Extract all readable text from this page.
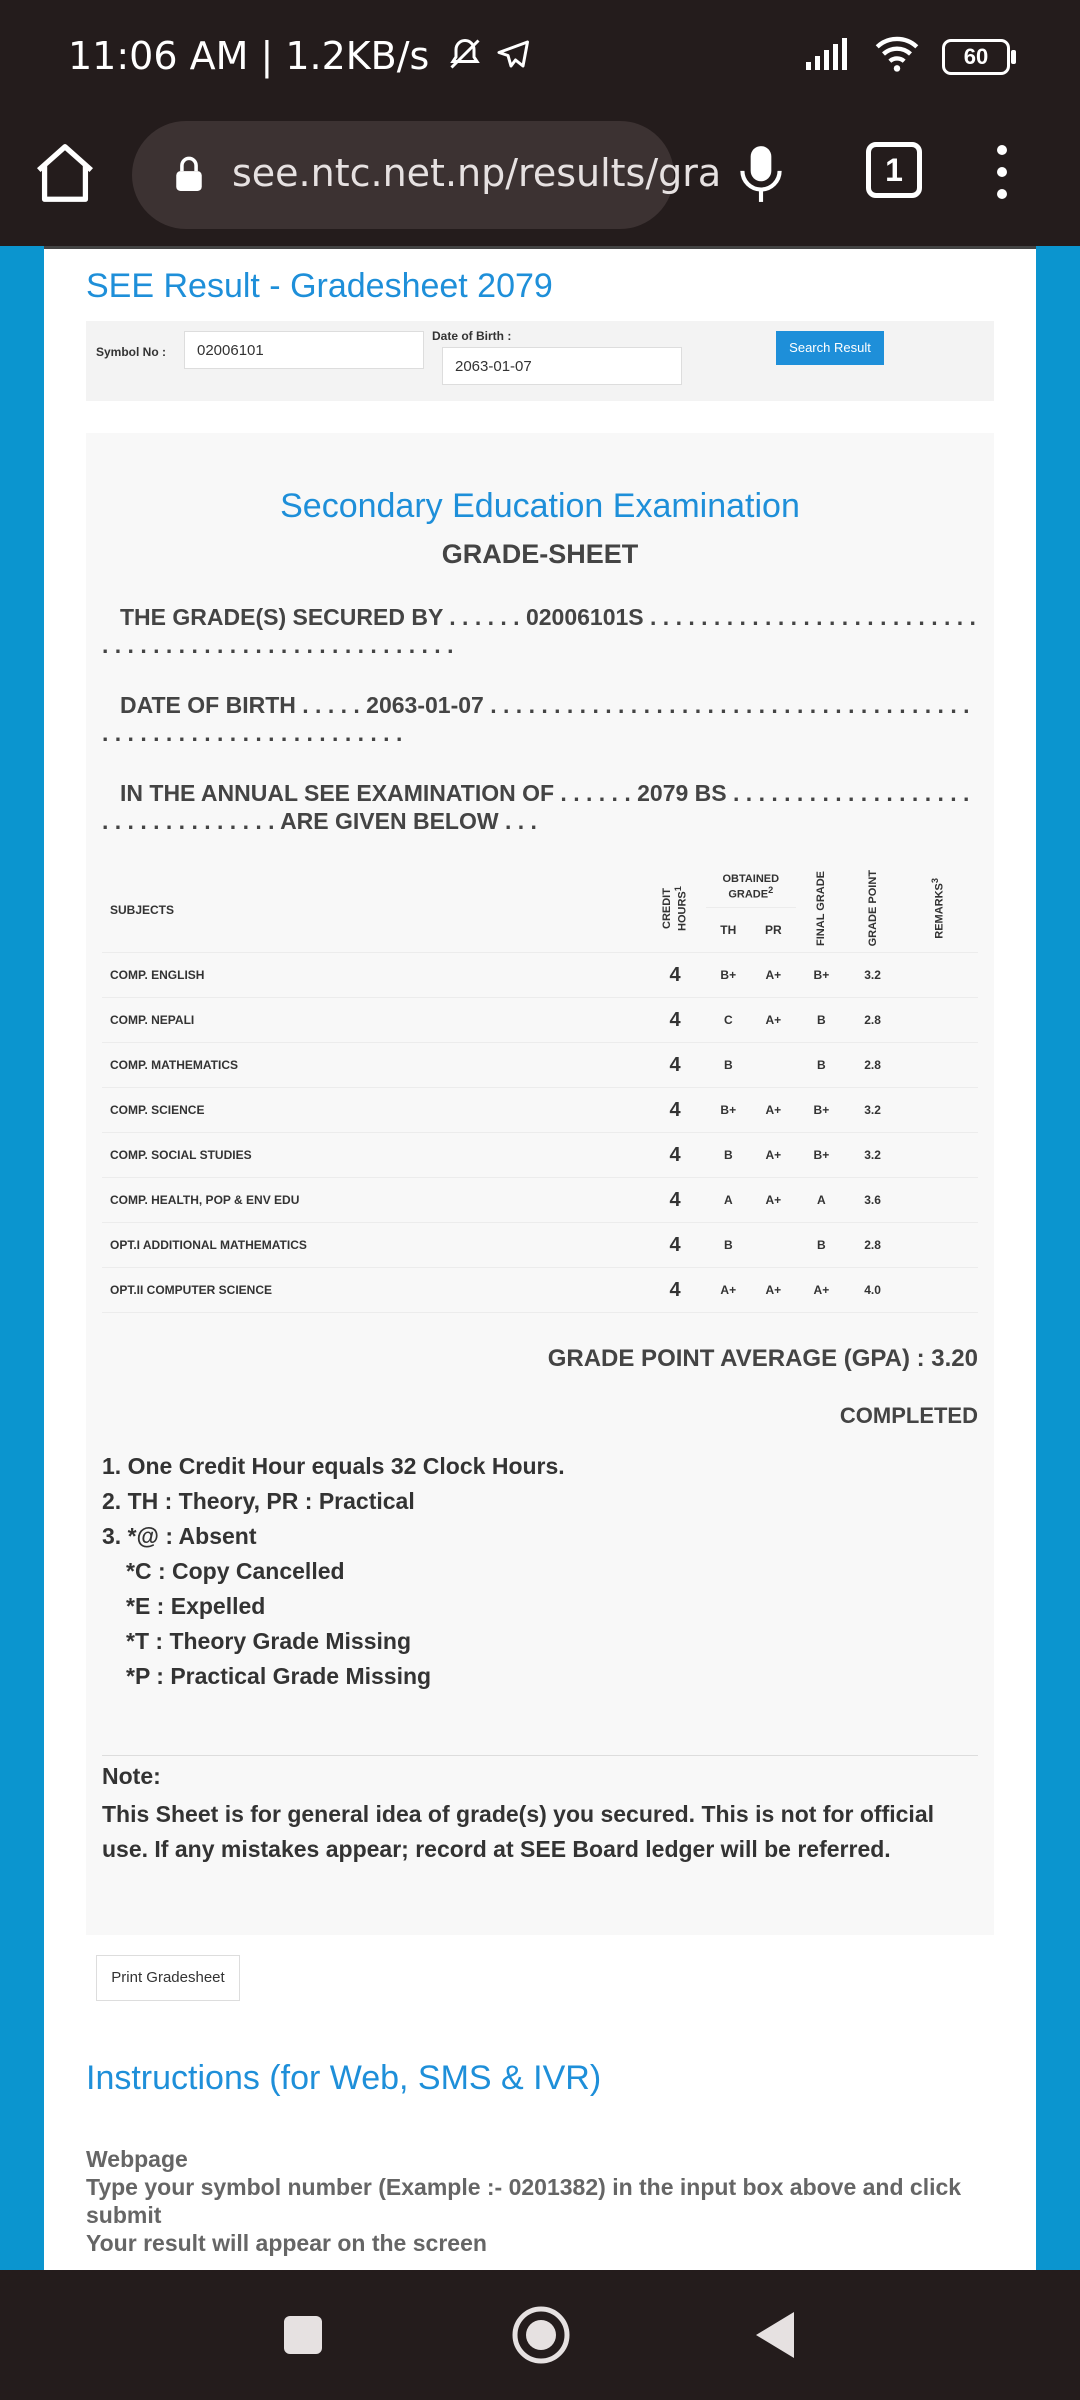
11:06 AM | 1.2KB/s	60
see.ntc.net.np/results/gra	1
SEE Result - Gradesheet 2079
Symbol No :	02006101
Date of Birth :
2063-01-07
Search Result
Secondary Education Examination
GRADE-SHEET
THE GRADE(S) SECURED BY . . . . . . 02006101S . . . . . . . . . . . . . . . . . . . . . . . . . . . . . . . . . . . . . . . . . . . . . . . . . . . . . .
DATE OF BIRTH . . . . . 2063-01-07 . . . . . . . . . . . . . . . . . . . . . . . . . . . . . . . . . . . . . . . . . . . . . . . . . . . . . . . . . . . . . .
IN THE ANNUAL SEE EXAMINATION OF . . . . . . 2079 BS . . . . . . . . . . . . . . . . . . . . . . . . . . . . . . . . . ARE GIVEN BELOW . . .
SUBJECTS	CREDIT HOURS$^1$	OBTAINED GRADE$^2$		FINAL GRADE	GRADE POINT	REMARKS$^3$
		TH	PR			
COMP. ENGLISH	4	B+	A+	B+	3.2	
COMP. NEPALI	4	C	A+	B	2.8	
COMP. MATHEMATICS	4	B		B	2.8	
COMP. SCIENCE	4	B+	A+	B+	3.2	
COMP. SOCIAL STUDIES	4	B	A+	B+	3.2	
COMP. HEALTH, POP & ENV EDU	4	A	A+	A	3.6	
OPT.I ADDITIONAL MATHEMATICS	4	B		B	2.8	
OPT.II COMPUTER SCIENCE	4	A+	A+	A+	4.0	
GRADE POINT AVERAGE (GPA) : 3.20
COMPLETED
1. One Credit Hour equals 32 Clock Hours.
2. TH : Theory, PR : Practical
3. *@ : Absent
*C : Copy Cancelled
*E : Expelled
*T : Theory Grade Missing
*P : Practical Grade Missing
Note:
This Sheet is for general idea of grade(s) you secured. This is not for official use. If any mistakes appear; record at SEE Board ledger will be referred.
Print Gradesheet
Instructions (for Web, SMS & IVR)
Webpage
Type your symbol number (Example :- 0201382) in the input box above and click submit
Your result will appear on the screen
